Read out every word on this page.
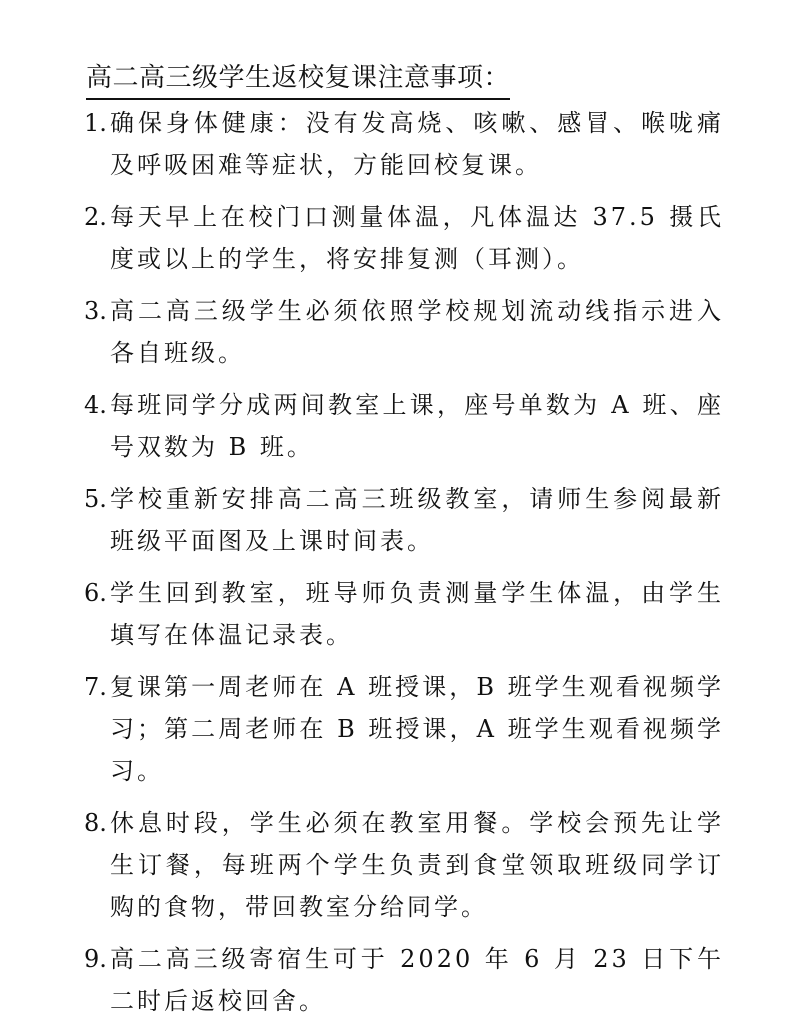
高二高三级学生返校复课注意事项：
1. 确保身体健康：没有发高烧、咳嗽、感冒、喉咙痛及呼吸困难等症状，方能回校复课。
2. 每天早上在校门口测量体温，凡体温达 37.5 摄氏度或以上的学生，将安排复测（耳测）。
3. 高二高三级学生必须依照学校规划流动线指示进入各自班级。
4. 每班同学分成两间教室上课，座号单数为 A 班、座号双数为 B 班。
5. 学校重新安排高二高三班级教室，请师生参阅最新班级平面图及上课时间表。
6. 学生回到教室，班导师负责测量学生体温，由学生填写在体温记录表。
7. 复课第一周老师在 A 班授课，B 班学生观看视频学习；第二周老师在 B 班授课，A 班学生观看视频学习。
8. 休息时段，学生必须在教室用餐。学校会预先让学生订餐，每班两个学生负责到食堂领取班级同学订购的食物，带回教室分给同学。
9. 高二高三级寄宿生可于 2020 年 6 月 23 日下午二时后返校回舍。
